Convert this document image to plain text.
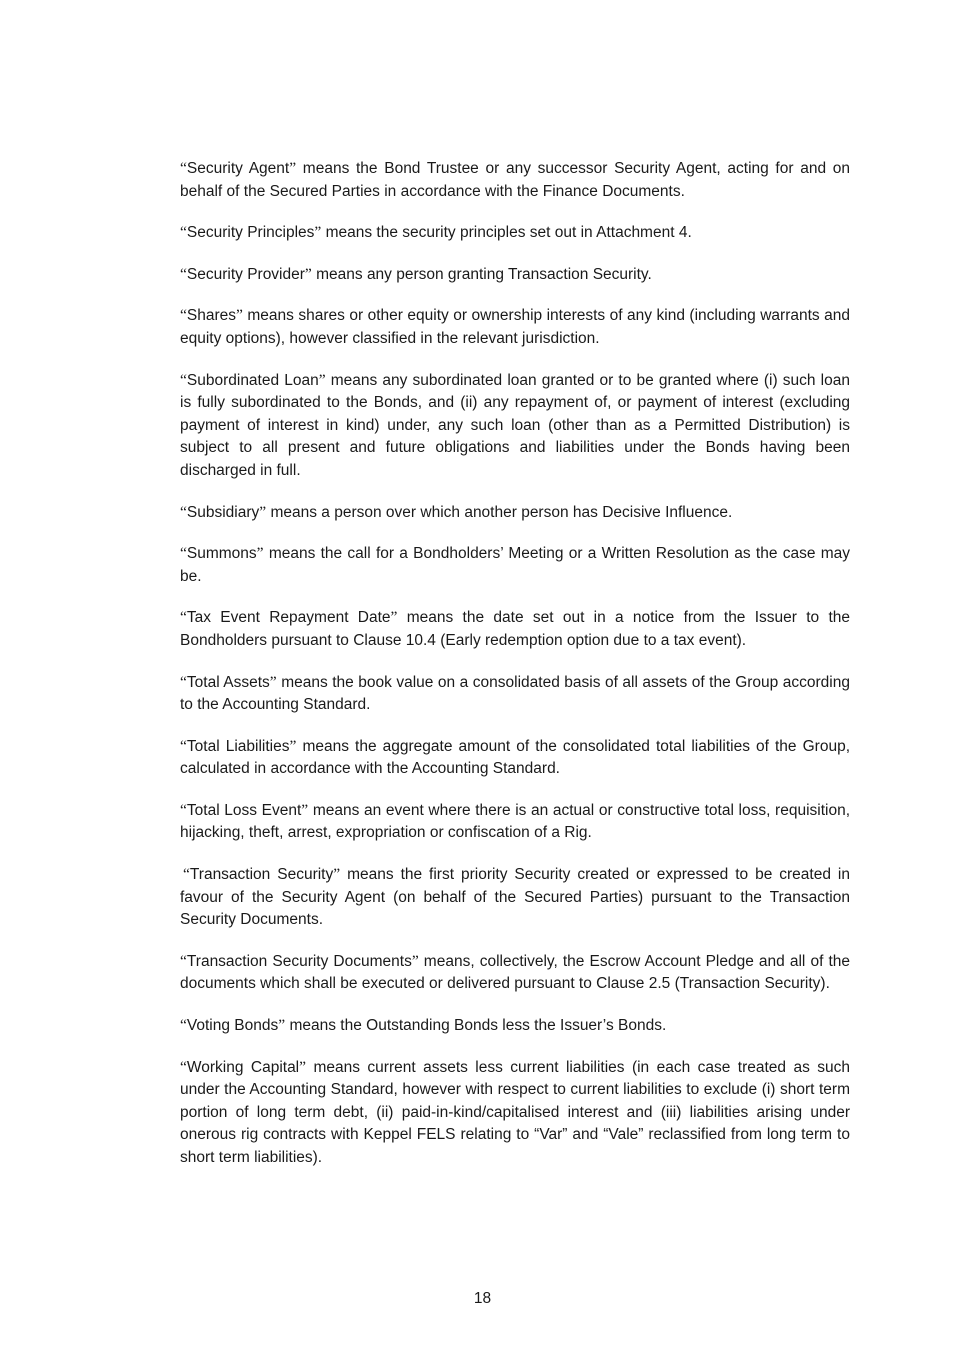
“Security Agent” means the Bond Trustee or any successor Security Agent, acting for and on behalf of the Secured Parties in accordance with the Finance Documents.

“Security Principles” means the security principles set out in Attachment 4.

“Security Provider” means any person granting Transaction Security.

“Shares” means shares or other equity or ownership interests of any kind (including warrants and equity options), however classified in the relevant jurisdiction.

“Subordinated Loan” means any subordinated loan granted or to be granted where (i) such loan is fully subordinated to the Bonds, and (ii) any repayment of, or payment of interest (excluding payment of interest in kind) under, any such loan (other than as a Permitted Distribution) is subject to all present and future obligations and liabilities under the Bonds having been discharged in full.

“Subsidiary” means a person over which another person has Decisive Influence.

“Summons” means the call for a Bondholders’ Meeting or a Written Resolution as the case may be.

“Tax Event Repayment Date” means the date set out in a notice from the Issuer to the Bondholders pursuant to Clause 10.4 (Early redemption option due to a tax event).

“Total Assets” means the book value on a consolidated basis of all assets of the Group according to the Accounting Standard.

“Total Liabilities” means the aggregate amount of the consolidated total liabilities of the Group, calculated in accordance with the Accounting Standard.

“Total Loss Event” means an event where there is an actual or constructive total loss, requisition, hijacking, theft, arrest, expropriation or confiscation of a Rig.

“Transaction Security” means the first priority Security created or expressed to be created in favour of the Security Agent (on behalf of the Secured Parties) pursuant to the Transaction Security Documents.

“Transaction Security Documents” means, collectively, the Escrow Account Pledge and all of the documents which shall be executed or delivered pursuant to Clause 2.5 (Transaction Security).

“Voting Bonds” means the Outstanding Bonds less the Issuer’s Bonds.

“Working Capital” means current assets less current liabilities (in each case treated as such under the Accounting Standard, however with respect to current liabilities to exclude (i) short term portion of long term debt, (ii) paid-in-kind/capitalised interest and (iii) liabilities arising under onerous rig contracts with Keppel FELS relating to “Var” and “Vale” reclassified from long term to short term liabilities).

18
